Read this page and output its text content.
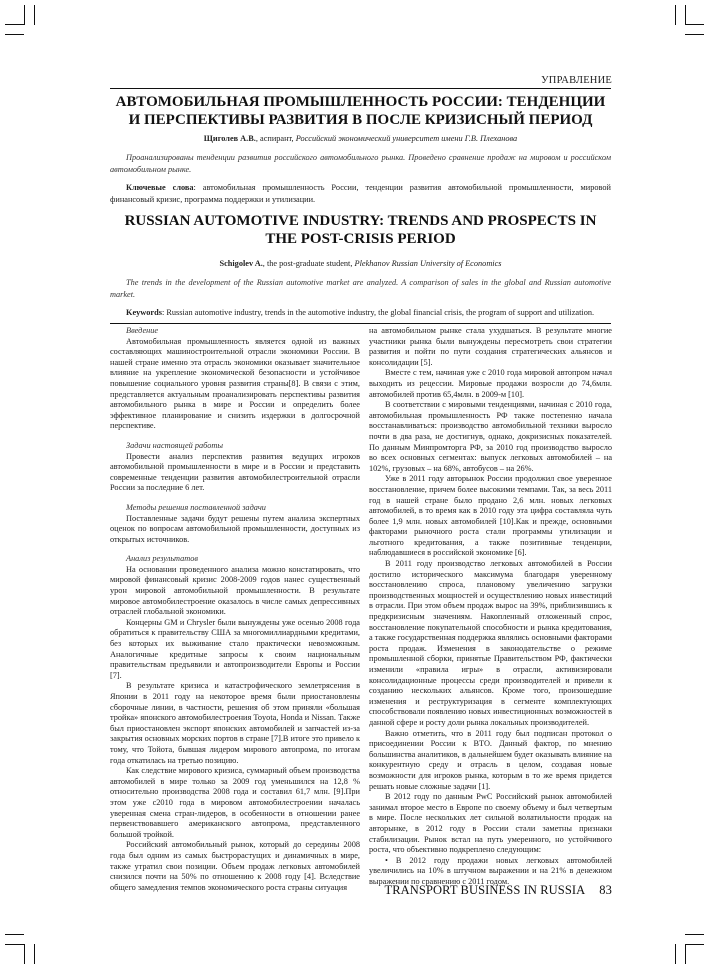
УПРАВЛЕНИЕ
АВТОМОБИЛЬНАЯ ПРОМЫШЛЕННОСТЬ РОССИИ: ТЕНДЕНЦИИ И ПЕРСПЕКТИВЫ РАЗВИТИЯ В ПОСЛЕ КРИЗИСНЫЙ ПЕРИОД
Щиголев А.В., аспирант, Российский экономический университет имени Г.В. Плеханова
Проанализированы тенденции развития российского автомобильного рынка. Проведено сравнение продаж на мировом и российском автомобильном рынке.
Ключевые слова: автомобильная промышленность России, тенденции развития автомобильной промышленности, мировой финансовый кризис, программа поддержки и утилизации.
RUSSIAN AUTOMOTIVE INDUSTRY: TRENDS AND PROSPECTS IN THE POST-CRISIS PERIOD
Schigolev A., the post-graduate student, Plekhanov Russian University of Economics
The trends in the development of the Russian automotive market are analyzed. A comparison of sales in the global and Russian automotive market.
Keywords: Russian automotive industry, trends in the automotive industry, the global financial crisis, the program of support and utilization.
Введение

Автомобильная промышленность является одной из важных составляющих машиностроительной отрасли экономики России. В нашей стране именно эта отрасль экономики оказывает значительное влияние на укрепление экономической безопасности и устойчивое повышение социального уровня развития страны[8]. В связи с этим, представляется актуальным проанализировать перспективы развития автомобильного рынка в мире и России и определить более эффективное планирование и снизить издержки в долгосрочной перспективе.

Задачи настоящей работы

Провести анализ перспектив развития ведущих игроков автомобильной промышленности в мире и в России и представить современные тенденции развития автомобилестроительной отрасли России за последние 6 лет.

Методы решения поставленной задачи

Поставленные задачи будут решены путем анализа экспертных оценок по вопросам автомобильной промышленности, доступных из открытых источников.

Анализ результатов

На основании проведенного анализа можно констатировать, что мировой финансовый кризис 2008-2009 годов нанес существенный урон мировой автомобильной промышленности. В результате мировое автомобилестроение оказалось в числе самых депрессивных отраслей глобальной экономики.

Концерны GM и Chrysler были вынуждены уже осенью 2008 года обратиться к правительству США за многомиллиардными кредитами, без которых их выживание стало практически невозможным. Аналогичные кредитные запросы к своим национальным правительствам предъявили и автопроизводители Европы и России [7].

В результате кризиса и катастрофического землетрясения в Японии в 2011 году на некоторое время были приостановлены сборочные линии, в частности, решения об этом приняли «большая тройка» японского автомобилестроения Toyota, Honda и Nissan. Также был приостановлен экспорт японских автомобилей и запчастей из-за закрытия основных морских портов в стране [7].В итоге это привело к тому, что Тойота, бывшая лидером мирового автопрома, по итогам года откатилась на третью позицию.

Как следствие мирового кризиса, суммарный объем производства автомобилей в мире только за 2009 год уменьшился на 12,8 % относительно производства 2008 года и составил 61,7 млн. [9].При этом уже с2010 года в мировом автомобилестроении началась уверенная смена стран-лидеров, в особенности в отношении ранее первенствовавшего американского автопрома, представленного большой тройкой.

Российский автомобильный рынок, который до середины 2008 года был одним из самых быстрорастущих и динамичных в мире, также утратил свои позиции. Объем продаж легковых автомобилей снизился почти на 50% по отношению к 2008 году [4]. Вследствие общего замедления темпов экономического роста страны ситуация

на автомобильном рынке стала ухудшаться. В результате многие участники рынка были вынуждены пересмотреть свои стратегии развития и пойти по пути создания стратегических альянсов и консолидации [5].

Вместе с тем, начиная уже с 2010 года мировой автопром начал выходить из рецессии. Мировые продажи возросли до 74,6млн. автомобилей против 65,4млн. в 2009-м [10].

В соответствии с мировыми тенденциями, начиная с 2010 года, автомобильная промышленность РФ также постепенно начала восстанавливаться: производство автомобильной техники выросло почти в два раза, не достигнув, однако, докризисных показателей. По данным Минпромторга РФ, за 2010 год производство выросло во всех основных сегментах: выпуск легковых автомобилей – на 102%, грузовых – на 68%, автобусов – на 26%.

Уже в 2011 году авторынок России продолжил свое уверенное восстановление, причем более высокими темпами. Так, за весь 2011 год в нашей стране было продано 2,6 млн. новых легковых автомобилей, в то время как в 2010 году эта цифра составляла чуть более 1,9 млн. новых автомобилей [10].Как и прежде, основными факторами рыночного роста стали программы утилизации и льготного кредитования, а также позитивные тенденции, наблюдавшиеся в российской экономике [6].

В 2011 году производство легковых автомобилей в России достигло исторического максимума благодаря уверенному восстановлению спроса, плановому увеличению загрузки производственных мощностей и осуществлению новых инвестиций в отрасли. При этом объем продаж вырос на 39%, приблизившись к предкризисным значениям. Накопленный отложенный спрос, восстановление покупательной способности и рынка кредитования, а также государственная поддержка являлись основными факторами роста продаж. Изменения в законодательстве о режиме промышленной сборки, принятые Правительством РФ, фактически изменили «правила игры» в отрасли, активизировали консолидационные процессы среди производителей и привели к созданию нескольких альянсов. Кроме того, произошедшие изменения и реструктуризация в сегменте комплектующих способствовали появлению новых инвестиционных возможностей в данной сфере и росту доли рынка локальных производителей.

Важно отметить, что в 2011 году был подписан протокол о присоединении России к ВТО. Данный фактор, по мнению большинства аналитиков, в дальнейшем будет оказывать влияние на конкурентную среду и отрасль в целом, создавая новые возможности для игроков рынка, которым в то же время придется решать новые сложные задачи [1].

В 2012 году по данным PwC Российский рынок автомобилей занимал второе место в Европе по своему объему и был четвертым в мире. После нескольких лет сильной волатильности продаж на авторынке, в 2012 году в России стали заметны признаки стабилизации. Рынок встал на путь умеренного, но устойчивого роста, что объективно подкреплено следующим:

• В 2012 году продажи новых легковых автомобилей увеличились на 10% в штучном выражении и на 21% в денежном выражении по сравнению с 2011 годом.

TRANSPORT BUSINESS IN RUSSIA 83
